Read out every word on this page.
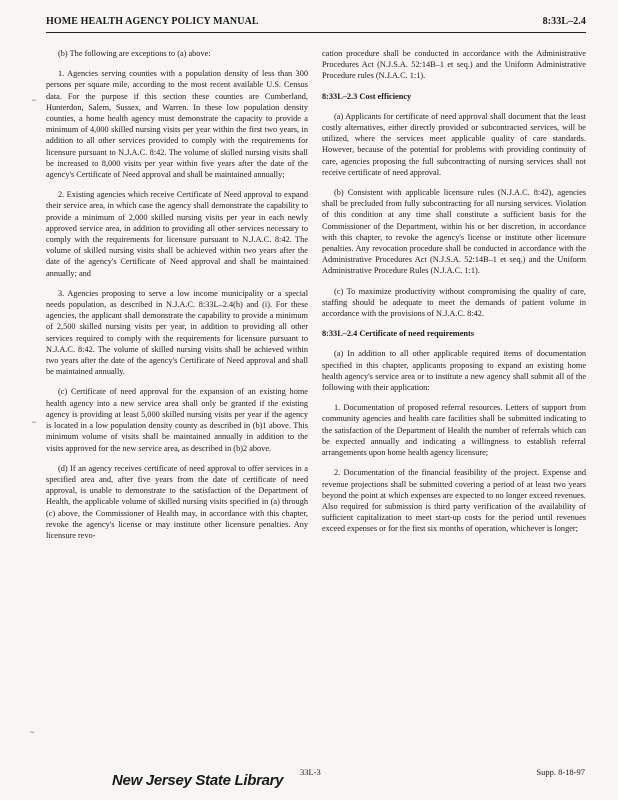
HOME HEALTH AGENCY POLICY MANUAL	8:33L–2.4
~
~
~

(b) The following are exceptions to (a) above:

1. Agencies serving counties with a population density of less than 300 persons per square mile, according to the most recent available U.S. Census data. For the purpose if this section these counties are Cumberland, Hunterdon, Salem, Sussex, and Warren. In these low population density counties, a home health agency must demonstrate the capacity to provide a minimum of 4,000 skilled nursing visits per year within the first two years, in addition to all other services provided to comply with the requirements for licensure pursuant to N.J.A.C. 8:42. The volume of skilled nursing visits shall be increased to 8,000 visits per year within five years after the date of the agency's Certificate of Need approval and shall be maintained annually;

2. Existing agencies which receive Certificate of Need approval to expand their service area, in which case the agency shall demonstrate the capability to provide a minimum of 2,000 skilled nursing visits per year in each newly approved service area, in addition to providing all other services necessary to comply with the requirements for licensure pursuant to N.J.A.C. 8:42. The volume of skilled nursing visits shall be achieved within two years after the date of the agency's Certificate of Need approval and shall be maintained annually; and

3. Agencies proposing to serve a low income municipality or a special needs population, as described in N.J.A.C. 8:33L–2.4(h) and (i). For these agencies, the applicant shall demonstrate the capability to provide a minimum of 2,500 skilled nursing visits per year, in addition to providing all other services required to comply with the requirements for licensure pursuant to N.J.A.C. 8:42. The volume of skilled nursing visits shall be achieved within two years after the date of the agency's Certificate of Need approval and shall be maintained annually.

(c) Certificate of need approval for the expansion of an existing home health agency into a new service area shall only be granted if the existing agency is providing at least 5,000 skilled nursing visits per year if the agency is located in a low population density county as described in (b)1 above. This minimum volume of visits shall be maintained annually in addition to the visits approved for the new service area, as described in (b)2 above.

(d) If an agency receives certificate of need approval to offer services in a specified area and, after five years from the date of certificate of need approval, is unable to demonstrate to the satisfaction of the Department of Health, the applicable volume of skilled nursing visits specified in (a) through (c) above, the Commissioner of Health may, in accordance with this chapter, revoke the agency's license or may institute other licensure penalties. Any licensure revo-

cation procedure shall be conducted in accordance with the Administrative Procedures Act (N.J.S.A. 52:14B–1 et seq.) and the Uniform Administrative Procedure rules (N.J.A.C. 1:1).

8:33L–2.3 Cost efficiency

(a) Applicants for certificate of need approval shall document that the least costly alternatives, either directly provided or subcontracted services, will be utilized, where the services meet applicable quality of care standards. However, because of the potential for problems with providing continuity of care, agencies proposing the full subcontracting of nursing services shall not receive certificate of need approval.

(b) Consistent with applicable licensure rules (N.J.A.C. 8:42), agencies shall be precluded from fully subcontracting for all nursing services. Violation of this condition at any time shall constitute a sufficient basis for the Commissioner of the Department, within his or her discretion, in accordance with this chapter, to revoke the agency's license or institute other licensure penalties. Any revocation procedure shall be conducted in accordance with the Administrative Procedures Act (N.J.S.A. 52:14B–1 et seq.) and the Uniform Administrative Procedure Rules (N.J.A.C. 1:1).

(c) To maximize productivity without compromising the quality of care, staffing should be adequate to meet the demands of patient volume in accordance with the provisions of N.J.A.C. 8:42.

8:33L–2.4 Certificate of need requirements

(a) In addition to all other applicable required items of documentation specified in this chapter, applicants proposing to expand an existing home health agency's service area or to institute a new agency shall submit all of the following with their application:

1. Documentation of proposed referral resources. Letters of support from community agencies and health care facilities shall be submitted indicating to the satisfaction of the Department of Health the number of referrals which can be expected annually and indicating a willingness to establish referral arrangements upon home health agency licensure;

2. Documentation of the financial feasibility of the project. Expense and revenue projections shall be submitted covering a period of at least two years beyond the point at which expenses are expected to no longer exceed revenues. Also required for submission is third party verification of the availability of sufficient capitalization to meet start-up costs for the period until revenues exceed expenses or for the first six months of operation, whichever is longer;

New Jersey State Library 33L-3	Supp. 8-18-97
